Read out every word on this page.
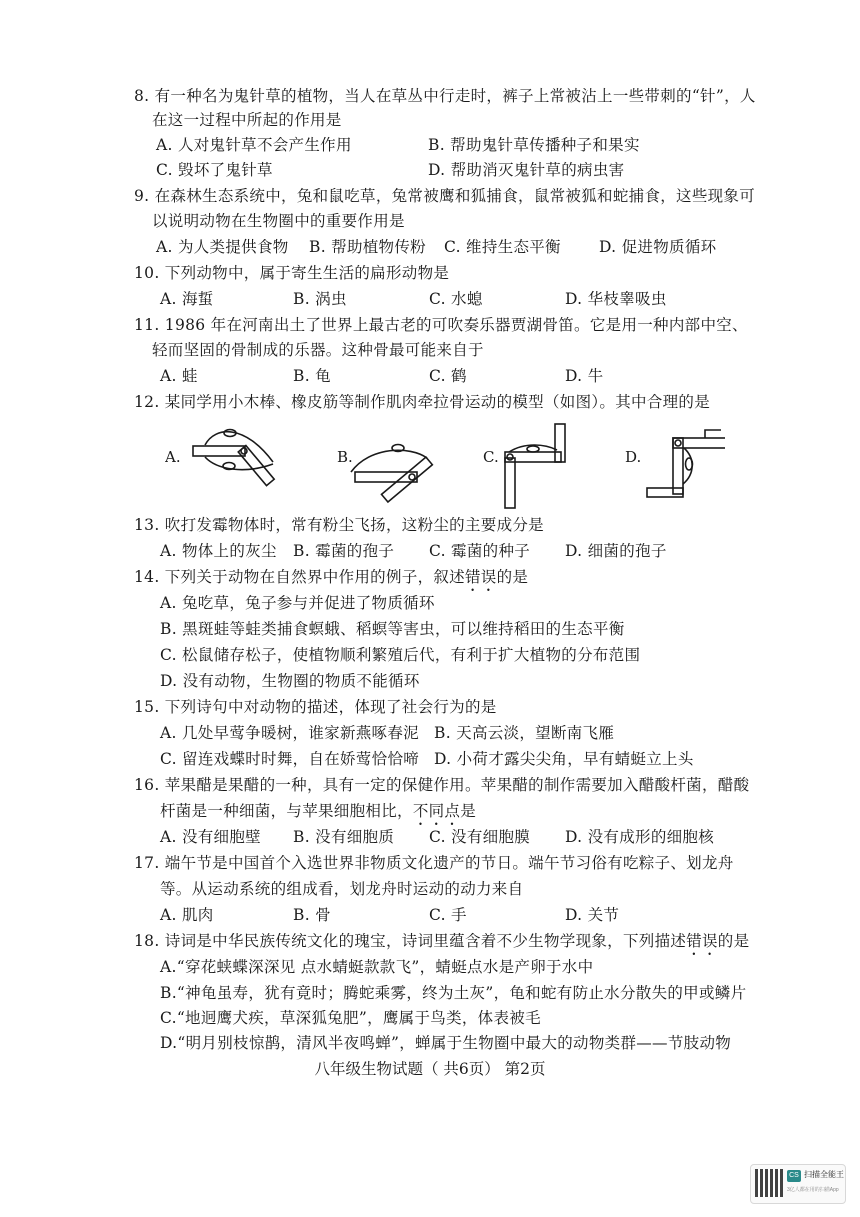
8. 有一种名为鬼针草的植物，当人在草丛中行走时，裤子上常被沾上一些带刺的“针”，人
在这一过程中所起的作用是
A. 人对鬼针草不会产生作用	B. 帮助鬼针草传播种子和果实
C. 毁坏了鬼针草	D. 帮助消灭鬼针草的病虫害
9. 在森林生态系统中，兔和鼠吃草，兔常被鹰和狐捕食，鼠常被狐和蛇捕食，这些现象可
以说明动物在生物圈中的重要作用是
A. 为人类提供食物 B. 帮助植物传粉 C. 维持生态平衡 D. 促进物质循环
10. 下列动物中，属于寄生生活的扁形动物是
A. 海蜇	B. 涡虫	C. 水螅	D. 华枝睾吸虫
11. 1986 年在河南出土了世界上最古老的可吹奏乐器贾湖骨笛。它是用一种内部中空、
轻而坚固的骨制成的乐器。这种骨最可能来自于
A. 蛙	B. 龟	C. 鹤	D. 牛
12. 某同学用小木棒、橡皮筋等制作肌肉牵拉骨运动的模型（如图）。其中合理的是
A.	B.	C.	D.
13. 吹打发霉物体时，常有粉尘飞扬，这粉尘的主要成分是
A. 物体上的灰尘 B. 霉菌的孢子 C. 霉菌的种子 D. 细菌的孢子
14. 下列关于动物在自然界中作用的例子，叙述错误的是
A. 兔吃草，兔子参与并促进了物质循环
B. 黑斑蛙等蛙类捕食螟蛾、稻螟等害虫，可以维持稻田的生态平衡
C. 松鼠储存松子，使植物顺利繁殖后代，有利于扩大植物的分布范围
D. 没有动物，生物圈的物质不能循环
15. 下列诗句中对动物的描述，体现了社会行为的是
A. 几处早莺争暖树，谁家新燕啄春泥 B. 天高云淡，望断南飞雁
C. 留连戏蝶时时舞，自在娇莺恰恰啼 D. 小荷才露尖尖角，早有蜻蜓立上头
16. 苹果醋是果醋的一种，具有一定的保健作用。苹果醋的制作需要加入醋酸杆菌，醋酸
杆菌是一种细菌，与苹果细胞相比，不同点是
A. 没有细胞壁 B. 没有细胞质 C. 没有细胞膜 D. 没有成形的细胞核
17. 端午节是中国首个入选世界非物质文化遗产的节日。端午节习俗有吃粽子、划龙舟
等。从运动系统的组成看，划龙舟时运动的动力来自
A. 肌肉	B. 骨	C. 手	D. 关节
18. 诗词是中华民族传统文化的瑰宝，诗词里蕴含着不少生物学现象，下列描述错误的是
A.“穿花蛱蝶深深见 点水蜻蜓款款飞”，蜻蜓点水是产卵于水中
B.“神龟虽寿，犹有竟时；腾蛇乘雾，终为土灰”，龟和蛇有防止水分散失的甲或鳞片
C.“地迥鹰犬疾，草深狐兔肥”，鹰属于鸟类，体表被毛
D.“明月别枝惊鹊，清风半夜鸣蝉”，蝉属于生物圈中最大的动物类群——节肢动物
八年级生物试题（ 共6页） 第2页
CS 扫描全能王
3亿人都在用的扫描App
